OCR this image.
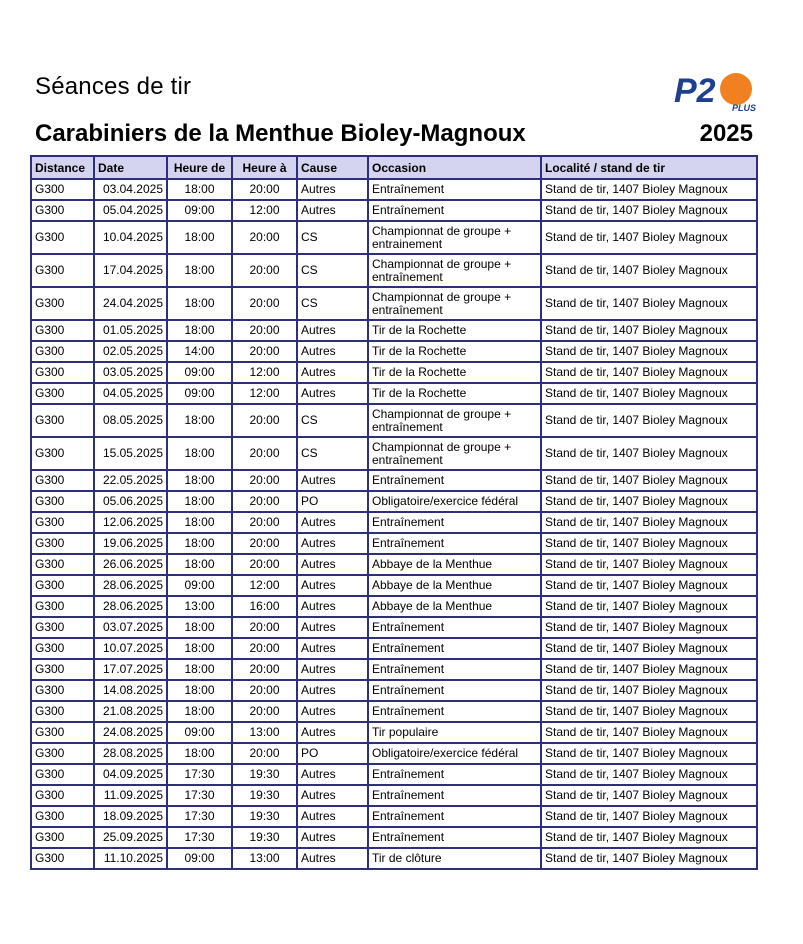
Séances de tir
Carabiniers de la Menthue Bioley-Magnoux	2025
P2 PLUS
Distance	Date	Heure de	Heure à	Cause	Occasion	Localité / stand de tir
G300	03.04.2025	18:00	20:00	Autres	Entraînement	Stand de tir, 1407 Bioley Magnoux
G300	05.04.2025	09:00	12:00	Autres	Entraînement	Stand de tir, 1407 Bioley Magnoux
G300	10.04.2025	18:00	20:00	CS	Championnat de groupe + entrainement	Stand de tir, 1407 Bioley Magnoux
G300	17.04.2025	18:00	20:00	CS	Championnat de groupe + entraînement	Stand de tir, 1407 Bioley Magnoux
G300	24.04.2025	18:00	20:00	CS	Championnat de groupe + entraînement	Stand de tir, 1407 Bioley Magnoux
G300	01.05.2025	18:00	20:00	Autres	Tir de la Rochette	Stand de tir, 1407 Bioley Magnoux
G300	02.05.2025	14:00	20:00	Autres	Tir de la Rochette	Stand de tir, 1407 Bioley Magnoux
G300	03.05.2025	09:00	12:00	Autres	Tir de la Rochette	Stand de tir, 1407 Bioley Magnoux
G300	04.05.2025	09:00	12:00	Autres	Tir de la Rochette	Stand de tir, 1407 Bioley Magnoux
G300	08.05.2025	18:00	20:00	CS	Championnat de groupe + entraînement	Stand de tir, 1407 Bioley Magnoux
G300	15.05.2025	18:00	20:00	CS	Championnat de groupe + entraînement	Stand de tir, 1407 Bioley Magnoux
G300	22.05.2025	18:00	20:00	Autres	Entraînement	Stand de tir, 1407 Bioley Magnoux
G300	05.06.2025	18:00	20:00	PO	Obligatoire/exercice fédéral	Stand de tir, 1407 Bioley Magnoux
G300	12.06.2025	18:00	20:00	Autres	Entraînement	Stand de tir, 1407 Bioley Magnoux
G300	19.06.2025	18:00	20:00	Autres	Entraînement	Stand de tir, 1407 Bioley Magnoux
G300	26.06.2025	18:00	20:00	Autres	Abbaye de la Menthue	Stand de tir, 1407 Bioley Magnoux
G300	28.06.2025	09:00	12:00	Autres	Abbaye de la Menthue	Stand de tir, 1407 Bioley Magnoux
G300	28.06.2025	13:00	16:00	Autres	Abbaye de la Menthue	Stand de tir, 1407 Bioley Magnoux
G300	03.07.2025	18:00	20:00	Autres	Entraînement	Stand de tir, 1407 Bioley Magnoux
G300	10.07.2025	18:00	20:00	Autres	Entraînement	Stand de tir, 1407 Bioley Magnoux
G300	17.07.2025	18:00	20:00	Autres	Entraînement	Stand de tir, 1407 Bioley Magnoux
G300	14.08.2025	18:00	20:00	Autres	Entraînement	Stand de tir, 1407 Bioley Magnoux
G300	21.08.2025	18:00	20:00	Autres	Entraînement	Stand de tir, 1407 Bioley Magnoux
G300	24.08.2025	09:00	13:00	Autres	Tir populaire	Stand de tir, 1407 Bioley Magnoux
G300	28.08.2025	18:00	20:00	PO	Obligatoire/exercice fédéral	Stand de tir, 1407 Bioley Magnoux
G300	04.09.2025	17:30	19:30	Autres	Entraînement	Stand de tir, 1407 Bioley Magnoux
G300	11.09.2025	17:30	19:30	Autres	Entraînement	Stand de tir, 1407 Bioley Magnoux
G300	18.09.2025	17:30	19:30	Autres	Entraînement	Stand de tir, 1407 Bioley Magnoux
G300	25.09.2025	17:30	19:30	Autres	Entraînement	Stand de tir, 1407 Bioley Magnoux
G300	11.10.2025	09:00	13:00	Autres	Tir de clôture	Stand de tir, 1407 Bioley Magnoux
